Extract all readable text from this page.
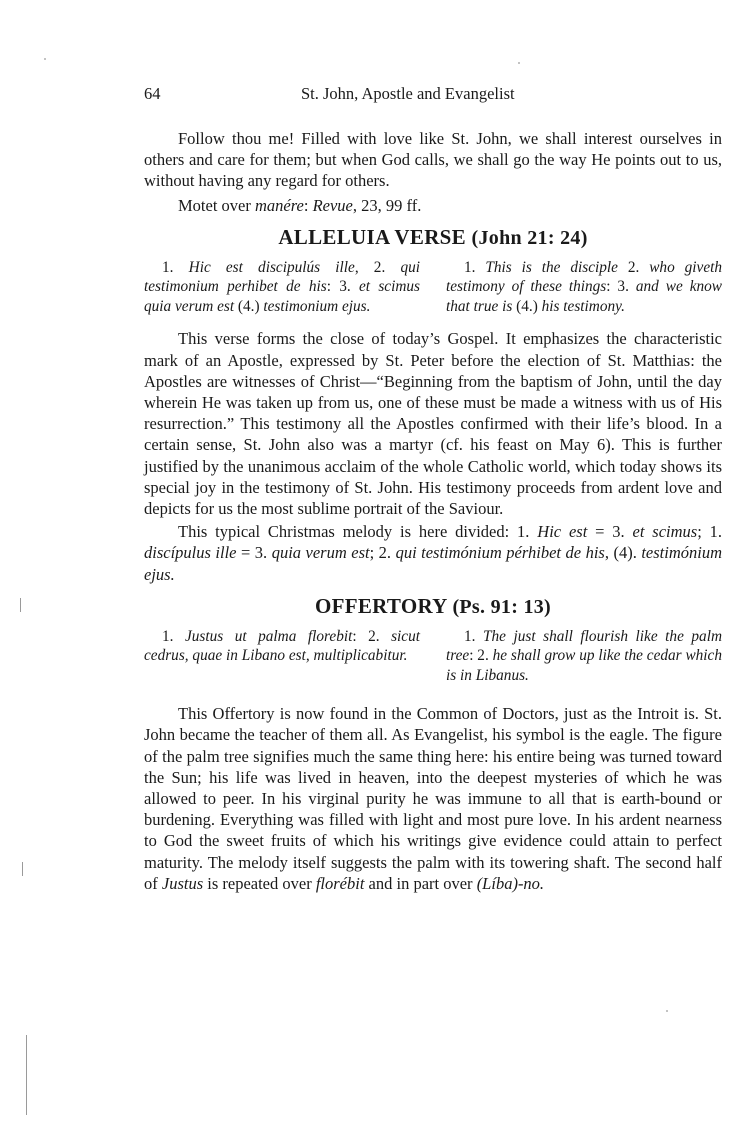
64	St. John, Apostle and Evangelist

Follow thou me! Filled with love like St. John, we shall interest ourselves in others and care for them; but when God calls, we shall go the way He points out to us, without having any regard for others.

Motet over manére: Revue, 23, 99 ff.

ALLELUIA VERSE (John 21: 24)

1. Hic est discipulús ille, 2. qui testimonium perhibet de his: 3. et scimus quia verum est (4.) testimonium ejus.

1. This is the disciple 2. who giveth testimony of these things: 3. and we know that true is (4.) his testimony.

This verse forms the close of today’s Gospel. It emphasizes the characteristic mark of an Apostle, expressed by St. Peter before the election of St. Matthias: the Apostles are witnesses of Christ—“Beginning from the baptism of John, until the day wherein He was taken up from us, one of these must be made a witness with us of His resurrection.” This testimony all the Apostles confirmed with their life’s blood. In a certain sense, St. John also was a martyr (cf. his feast on May 6). This is further justified by the unanimous acclaim of the whole Catholic world, which today shows its special joy in the testimony of St. John. His testimony proceeds from ardent love and depicts for us the most sublime portrait of the Saviour.

This typical Christmas melody is here divided: 1. Hic est = 3. et scimus; 1. discípulus ille = 3. quia verum est; 2. qui testimónium pérhibet de his, (4). testimónium ejus.

OFFERTORY (Ps. 91: 13)

1. Justus ut palma florebit: 2. sicut cedrus, quae in Libano est, multiplicabitur.

1. The just shall flourish like the palm tree: 2. he shall grow up like the cedar which is in Libanus.

This Offertory is now found in the Common of Doctors, just as the Introit is. St. John became the teacher of them all. As Evangelist, his symbol is the eagle. The figure of the palm tree signifies much the same thing here: his entire being was turned toward the Sun; his life was lived in heaven, into the deepest mysteries of which he was allowed to peer. In his virginal purity he was immune to all that is earth-bound or burdening. Everything was filled with light and most pure love. In his ardent nearness to God the sweet fruits of which his writings give evidence could attain to perfect maturity. The melody itself suggests the palm with its towering shaft. The second half of Justus is repeated over florébit and in part over (Líba)-no.
